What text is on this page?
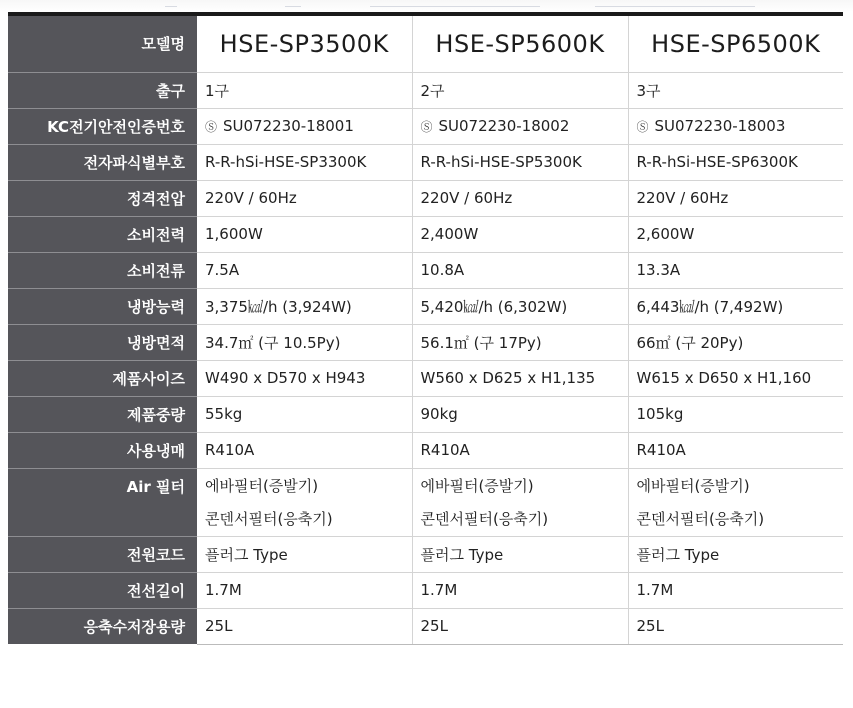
모델명	HSE-SP3500K	HSE-SP5600K	HSE-SP6500K
출구	1구	2구	3구
KC전기안전인증번호	Ⓢ SU072230-18001	Ⓢ SU072230-18002	Ⓢ SU072230-18003
전자파식별부호	R-R-hSi-HSE-SP3300K	R-R-hSi-HSE-SP5300K	R-R-hSi-HSE-SP6300K
정격전압	220V / 60Hz	220V / 60Hz	220V / 60Hz
소비전력	1,600W	2,400W	2,600W
소비전류	7.5A	10.8A	13.3A
냉방능력	3,375㎉/h (3,924W)	5,420㎉/h (6,302W)	6,443㎉/h (7,492W)
냉방면적	34.7㎡ (구 10.5Py)	56.1㎡ (구 17Py)	66㎡ (구 20Py)
제품사이즈	W490 x D570 x H943	W560 x D625 x H1,135	W615 x D650 x H1,160
제품중량	55kg	90kg	105kg
사용냉매	R410A	R410A	R410A
Air 필터	에바필터(증발기)	에바필터(증발기)	에바필터(증발기)
	콘덴서필터(응축기)	콘덴서필터(응축기)	콘덴서필터(응축기)
전원코드	플러그 Type	플러그 Type	플러그 Type
전선길이	1.7M	1.7M	1.7M
응축수저장용량	25L	25L	25L
